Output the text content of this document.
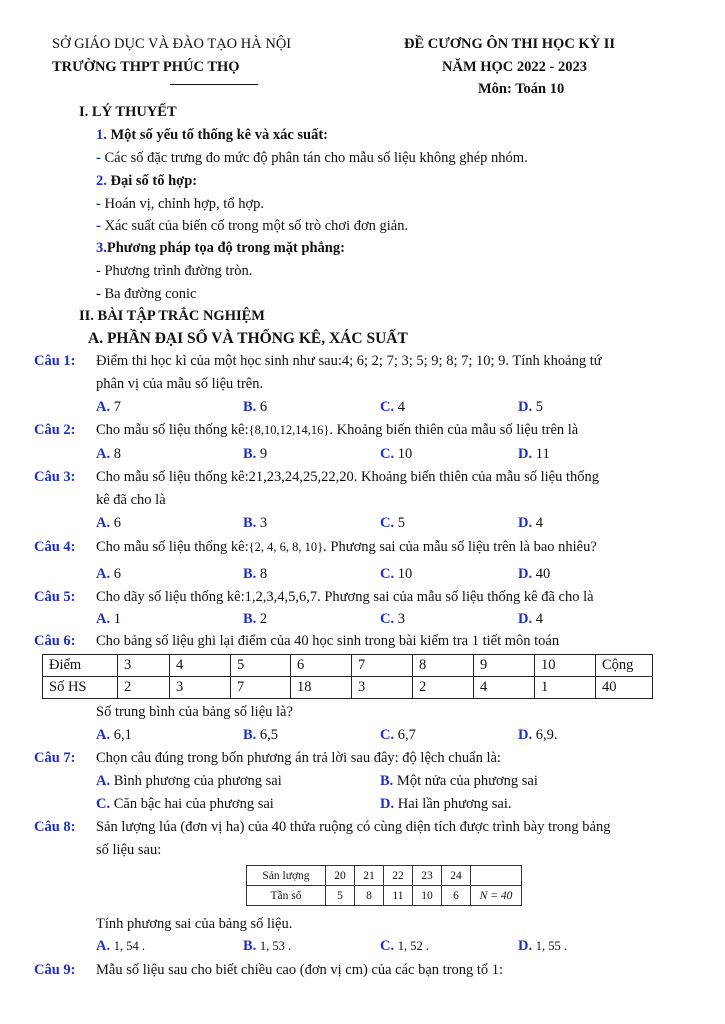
SỞ GIÁO DỤC VÀ ĐÀO TẠO HÀ NỘI
TRƯỜNG THPT PHÚC THỌ
ĐỀ CƯƠNG ÔN THI HỌC KỲ II
NĂM HỌC 2022 - 2023
Môn: Toán 10
I. LÝ THUYẾT
1. Một số yếu tố thống kê và xác suất:
- Các số đặc trưng đo mức độ phân tán cho mẫu số liệu không ghép nhóm.
2. Đại số tổ hợp:
- Hoán vị, chỉnh hợp, tổ hợp.
- Xác suất của biến cố trong một số trò chơi đơn giản.
3.Phương pháp tọa độ trong mặt phẳng:
- Phương trình đường tròn.
- Ba đường conic
II. BÀI TẬP TRẮC NGHIỆM
A. PHẦN ĐẠI SỐ VÀ THỐNG KÊ, XÁC SUẤT
Câu 1: Điểm thi học kì của một học sinh như sau:4; 6; 2; 7; 3; 5; 9; 8; 7; 10; 9. Tính khoảng tứ
phân vị của mẫu số liệu trên.
A. 7	B. 6	C. 4	D. 5
Câu 2: Cho mẫu số liệu thống kê:{8,10,12,14,16}. Khoảng biến thiên của mẫu số liệu trên là
A. 8	B. 9	C. 10	D. 11
Câu 3: Cho mẫu số liệu thống kê:21,23,24,25,22,20. Khoảng biến thiên của mẫu số liệu thống
kê đã cho là
A. 6	B. 3	C. 5	D. 4
Câu 4: Cho mẫu số liệu thống kê:{2, 4, 6, 8, 10}. Phương sai của mẫu số liệu trên là bao nhiêu?
A. 6	B. 8	C. 10	D. 40
Câu 5: Cho dãy số liệu thống kê:1,2,3,4,5,6,7. Phương sai của mẫu số liệu thống kê đã cho là
A. 1	B. 2	C. 3	D. 4
Câu 6: Cho bảng số liệu ghi lại điểm của 40 học sinh trong bài kiểm tra 1 tiết môn toán
Điểm	3	4	5	6	7	8	9	10	Cộng
Số HS	2	3	7	18	3	2	4	1	40
Số trung bình của bảng số liệu là?
A. 6,1	B. 6,5	C. 6,7	D. 6,9.
Câu 7: Chọn câu đúng trong bốn phương án trả lời sau đây: độ lệch chuẩn là:
A. Bình phương của phương sai	B. Một nửa của phương sai
C. Căn bậc hai của phương sai	D. Hai lần phương sai.
Câu 8: Sản lượng lúa (đơn vị ha) của 40 thửa ruộng có cùng diện tích được trình bày trong bảng
số liệu sau:
Sản lượng	20	21	22	23	24	
Tần số	5	8	11	10	6	N = 40
Tính phương sai của bảng số liệu.
A. 1, 54 .	B. 1, 53 .	C. 1, 52 .	D. 1, 55 .
Câu 9: Mẫu số liệu sau cho biết chiều cao (đơn vị cm) của các bạn trong tổ 1:
